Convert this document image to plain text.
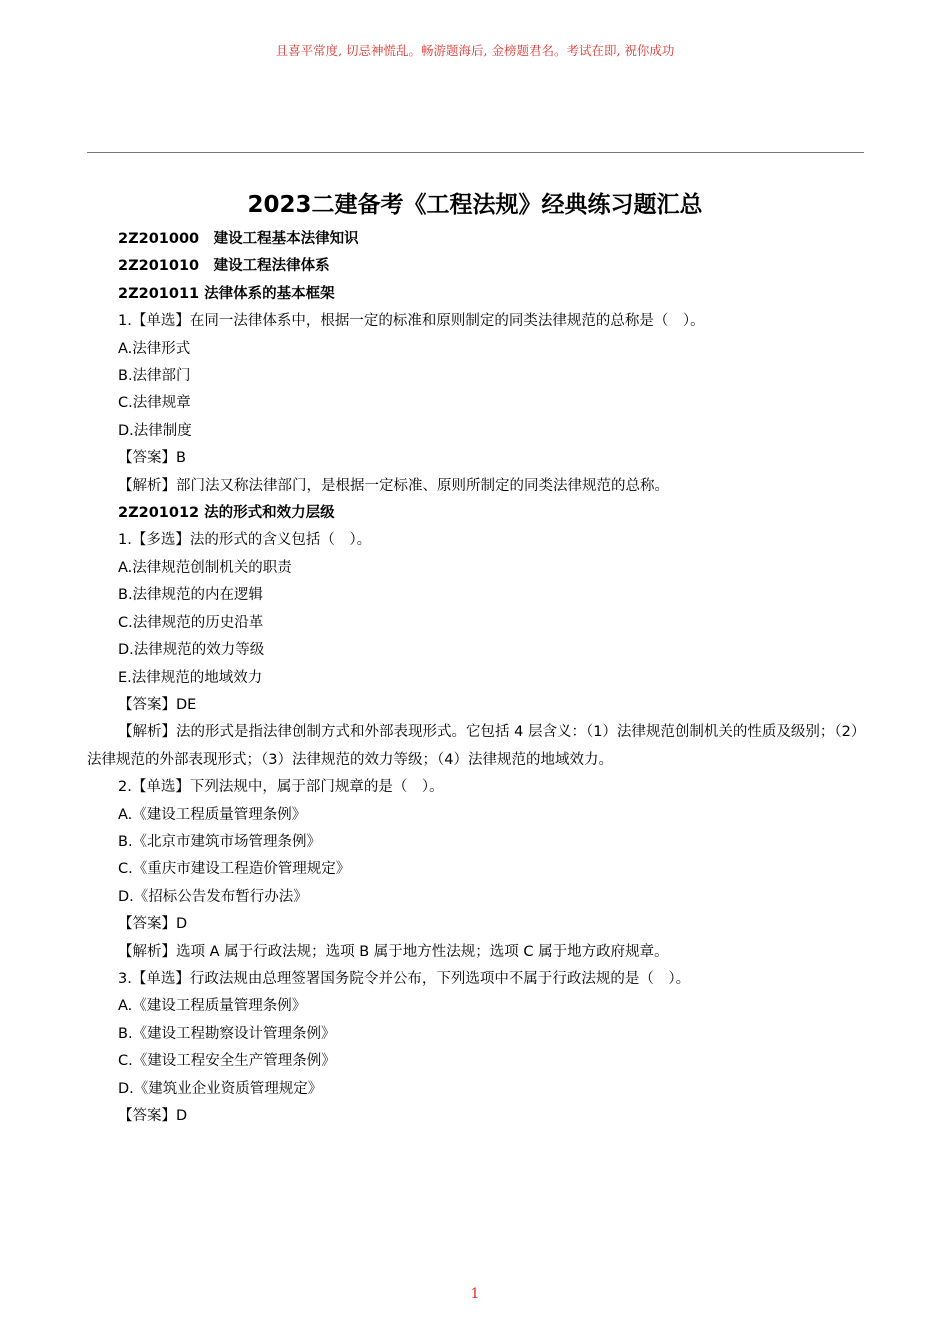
且喜平常度, 切忌神慌乱。畅游题海后, 金榜题君名。考试在即, 祝你成功
2023二建备考《工程法规》经典练习题汇总
2Z201000　建设工程基本法律知识
2Z201010　建设工程法律体系
2Z201011 法律体系的基本框架
1.【单选】在同一法律体系中，根据一定的标准和原则制定的同类法律规范的总称是（　）。
A.法律形式
B.法律部门
C.法律规章
D.法律制度
【答案】B
【解析】部门法又称法律部门，是根据一定标准、原则所制定的同类法律规范的总称。
2Z201012 法的形式和效力层级
1.【多选】法的形式的含义包括（　）。
A.法律规范创制机关的职责
B.法律规范的内在逻辑
C.法律规范的历史沿革
D.法律规范的效力等级
E.法律规范的地域效力
【答案】DE
【解析】法的形式是指法律创制方式和外部表现形式。它包括 4 层含义：（1）法律规范创制机关的性质及级别；（2）法律规范的外部表现形式；（3）法律规范的效力等级；（4）法律规范的地域效力。
2.【单选】下列法规中，属于部门规章的是（　）。
A.《建设工程质量管理条例》
B.《北京市建筑市场管理条例》
C.《重庆市建设工程造价管理规定》
D.《招标公告发布暂行办法》
【答案】D
【解析】选项 A 属于行政法规；选项 B 属于地方性法规；选项 C 属于地方政府规章。
3.【单选】行政法规由总理签署国务院令并公布，下列选项中不属于行政法规的是（　）。
A.《建设工程质量管理条例》
B.《建设工程勘察设计管理条例》
C.《建设工程安全生产管理条例》
D.《建筑业企业资质管理规定》
【答案】D
1
